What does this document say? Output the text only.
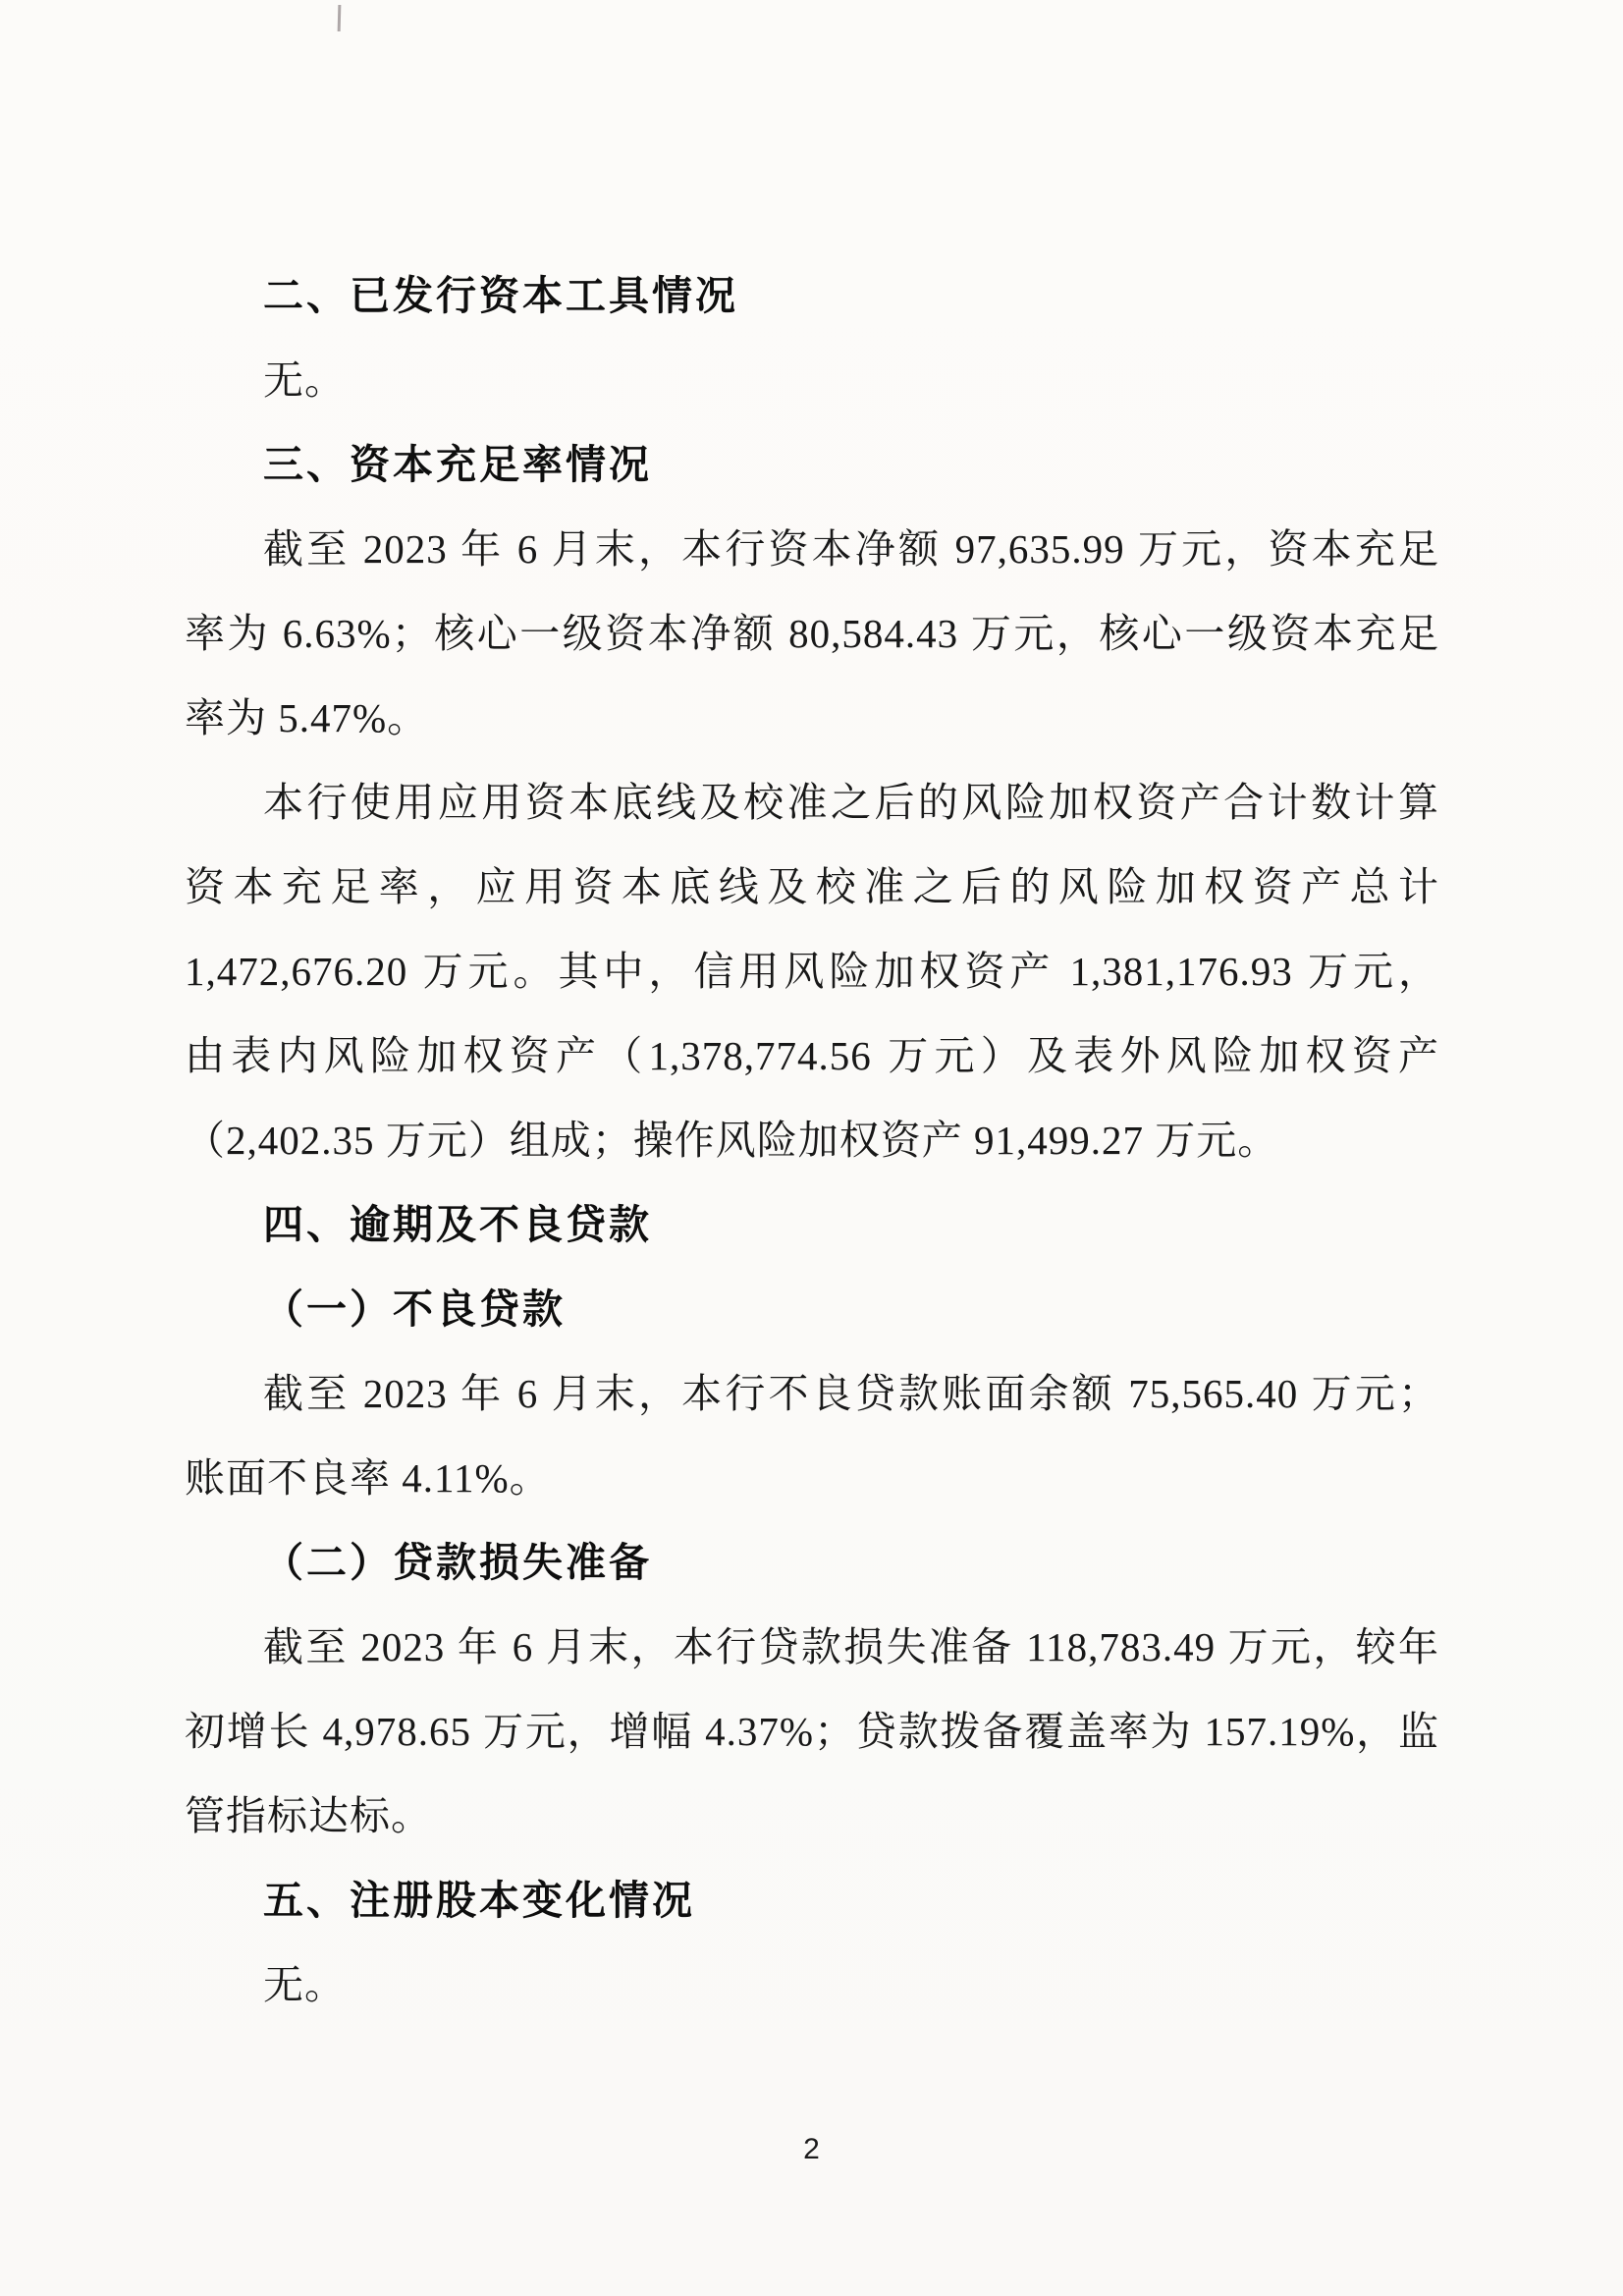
二、已发行资本工具情况
无。
三、资本充足率情况
截至 2023 年 6 月末，本行资本净额 97,635.99 万元，资本充足
率为 6.63%；核心一级资本净额 80,584.43 万元，核心一级资本充足
率为 5.47%。
本行使用应用资本底线及校准之后的风险加权资产合计数计算
资本充足率，应用资本底线及校准之后的风险加权资产总计
1,472,676.20 万元。其中，信用风险加权资产 1,381,176.93 万元，
由表内风险加权资产（1,378,774.56 万元）及表外风险加权资产
（2,402.35 万元）组成；操作风险加权资产 91,499.27 万元。
四、逾期及不良贷款
（一）不良贷款
截至 2023 年 6 月末，本行不良贷款账面余额 75,565.40 万元；
账面不良率 4.11%。
（二）贷款损失准备
截至 2023 年 6 月末，本行贷款损失准备 118,783.49 万元，较年
初增长 4,978.65 万元，增幅 4.37%；贷款拨备覆盖率为 157.19%，监
管指标达标。
五、注册股本变化情况
无。
2
